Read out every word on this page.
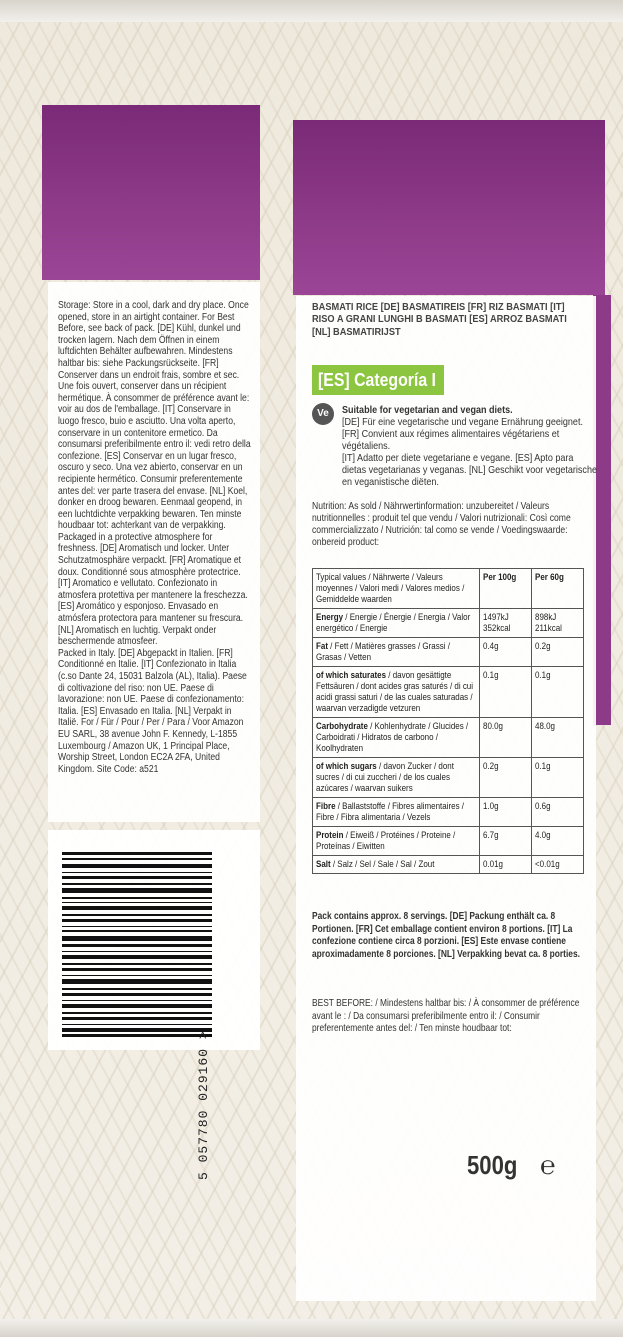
Storage: Store in a cool, dark and dry place. Once opened, store in an airtight container. For Best Before, see back of pack. [DE] Kühl, dunkel und trocken lagern. Nach dem Öffnen in einem luftdichten Behälter aufbewahren. Mindestens haltbar bis: siehe Packungsrückseite. [FR] Conserver dans un endroit frais, sombre et sec. Une fois ouvert, conserver dans un récipient hermétique. À consommer de préférence avant le: voir au dos de l'emballage. [IT] Conservare in luogo fresco, buio e asciutto. Una volta aperto, conservare in un contenitore ermetico. Da consumarsi preferibilmente entro il: vedi retro della confezione. [ES] Conservar en un lugar fresco, oscuro y seco. Una vez abierto, conservar en un recipiente hermético. Consumir preferentemente antes del: ver parte trasera del envase. [NL] Koel, donker en droog bewaren. Eenmaal geopend, in een luchtdichte verpakking bewaren. Ten minste houdbaar tot: achterkant van de verpakking.

Packaged in a protective atmosphere for freshness. [DE] Aromatisch und locker. Unter Schutzatmosphäre verpackt. [FR] Aromatique et doux. Conditionné sous atmosphère protectrice. [IT] Aromatico e vellutato. Confezionato in atmosfera protettiva per mantenere la freschezza. [ES] Aromático y esponjoso. Envasado en atmósfera protectora para mantener su frescura. [NL] Aromatisch en luchtig. Verpakt onder beschermende atmosfeer.

Packed in Italy. [DE] Abgepackt in Italien. [FR] Conditionné en Italie. [IT] Confezionato in Italia (c.so Dante 24, 15031 Balzola (AL), Italia). Paese di coltivazione del riso: non UE. Paese di lavorazione: non UE. Paese di confezionamento: Italia. [ES] Envasado en Italia. [NL] Verpakt in Italië. For / Für / Pour / Per / Para / Voor Amazon EU SARL, 38 avenue John F. Kennedy, L-1855 Luxembourg / Amazon UK, 1 Principal Place, Worship Street, London EC2A 2FA, United Kingdom. Site Code: a521

5 057780 029160 >
BASMATI RICE [DE] BASMATIREIS [FR] RIZ BASMATI [IT] RISO A GRANI LUNGHI B BASMATI [ES] ARROZ BASMATI [NL] BASMATIRIJST
[ES] Categoría I
Ve	Suitable for vegetarian and vegan diets.

[DE] Für eine vegetarische und vegane Ernährung geeignet.

[FR] Convient aux régimes alimentaires végétariens et végétaliens.

[IT] Adatto per diete vegetariane e vegane. [ES] Apto para dietas vegetarianas y veganas. [NL] Geschikt voor vegetarische en veganistische diëten.

Nutrition: As sold / Nährwertinformation: unzubereitet / Valeurs nutritionnelles : produit tel que vendu / Valori nutrizionali: Così come commercializzato / Nutrición: tal como se vende / Voedingswaarde: onbereid product:
Typical values / Nährwerte / Valeurs moyennes / Valori medi / Valores medios / Gemiddelde waarden	Per 100g	Per 60g
Energy / Energie / Énergie / Energia / Valor energético / Energie	1497kJ 352kcal	898kJ 211kcal
Fat / Fett / Matières grasses / Grassi / Grasas / Vetten	0.4g	0.2g
of which saturates / davon gesättigte Fettsäuren / dont acides gras saturés / di cui acidi grassi saturi / de las cuales saturadas / waarvan verzadigde vetzuren	0.1g	0.1g
Carbohydrate / Kohlenhydrate / Glucides / Carboidrati / Hidratos de carbono / Koolhydraten	80.0g	48.0g
of which sugars / davon Zucker / dont sucres / di cui zuccheri / de los cuales azúcares / waarvan suikers	0.2g	0.1g
Fibre / Ballaststoffe / Fibres alimentaires / Fibre / Fibra alimentaria / Vezels	1.0g	0.6g
Protein / Eiweiß / Protéines / Proteine / Proteínas / Eiwitten	6.7g	4.0g
Salt / Salz / Sel / Sale / Sal / Zout	0.01g	<0.01g
Pack contains approx. 8 servings. [DE] Packung enthält ca. 8 Portionen. [FR] Cet emballage contient environ 8 portions. [IT] La confezione contiene circa 8 porzioni. [ES] Este envase contiene aproximadamente 8 porciones. [NL] Verpakking bevat ca. 8 porties.
BEST BEFORE: / Mindestens haltbar bis: / À consommer de préférence avant le : / Da consumarsi preferibilmente entro il: / Consumir preferentemente antes del: / Ten minste houdbaar tot:
500g ℮
